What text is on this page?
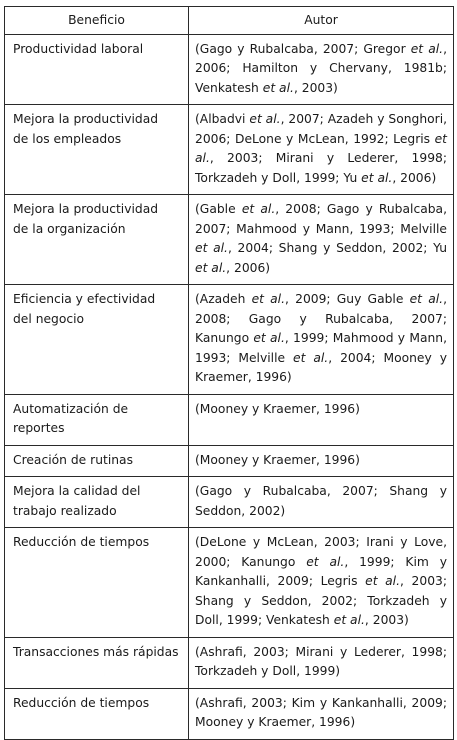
Beneficio	Autor

Productividad laboral	(Gago y Rubalcaba, 2007; Gregor et al., 2006; Hamilton y Chervany, 1981b; Venkatesh et al., 2003)

Mejora la productividad de los empleados	(Albadvi et al., 2007; Azadeh y Songhori, 2006; DeLone y McLean, 1992; Legris et al., 2003; Mirani y Lederer, 1998; Torkzadeh y Doll, 1999; Yu et al., 2006)

Mejora la productividad de la organización	(Gable et al., 2008; Gago y Rubalcaba, 2007; Mahmood y Mann, 1993; Melville et al., 2004; Shang y Seddon, 2002; Yu et al., 2006)

Eficiencia y efectividad del negocio	(Azadeh et al., 2009; Guy Gable et al., 2008; Gago y Rubalcaba, 2007; Kanungo et al., 1999; Mahmood y Mann, 1993; Melville et al., 2004; Mooney y Kraemer, 1996)

Automatización de reportes	(Mooney y Kraemer, 1996)

Creación de rutinas	(Mooney y Kraemer, 1996)

Mejora la calidad del trabajo realizado	(Gago y Rubalcaba, 2007; Shang y Seddon, 2002)

Reducción de tiempos	(DeLone y McLean, 2003; Irani y Love, 2000; Kanungo et al., 1999; Kim y Kankanhalli, 2009; Legris et al., 2003; Shang y Seddon, 2002; Torkzadeh y Doll, 1999; Venkatesh et al., 2003)

Transacciones más rápidas	(Ashrafi, 2003; Mirani y Lederer, 1998; Torkzadeh y Doll, 1999)

Reducción de tiempos	(Ashrafi, 2003; Kim y Kankanhalli, 2009; Mooney y Kraemer, 1996)
